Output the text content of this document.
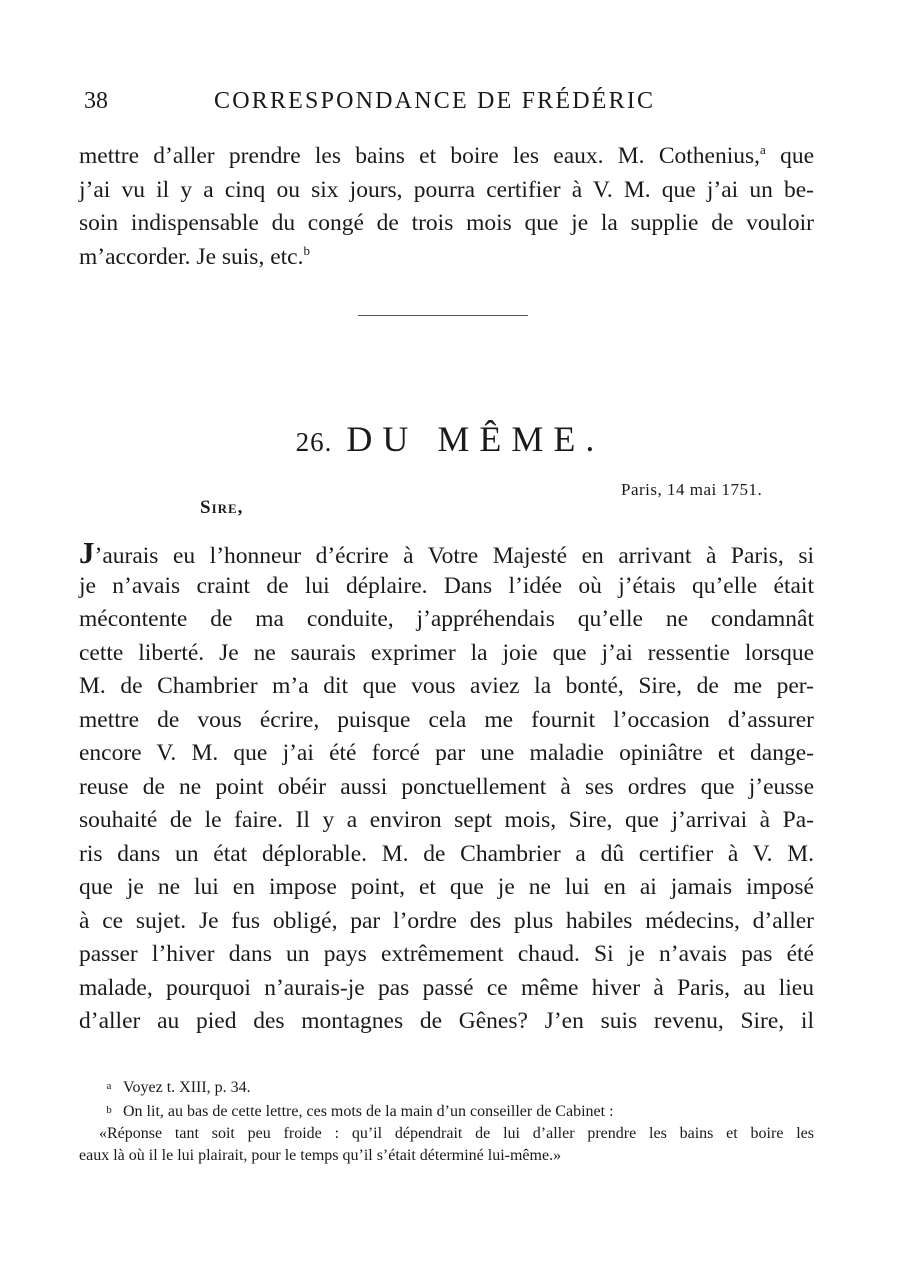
38	CORRESPONDANCE DE FRÉDÉRIC
mettre d’aller prendre les bains et boire les eaux. M. Cothenius,$^a$ que
j’ai vu il y a cinq ou six jours, pourra certifier à V. M. que j’ai un be-
soin indispensable du congé de trois mois que je la supplie de vouloir
m’accorder. Je suis, etc.$^b$
26. DU MÊME.
Paris, 14 mai 1751.
Sire,
J’aurais eu l’honneur d’écrire à Votre Majesté en arrivant à Paris, si
je n’avais craint de lui déplaire. Dans l’idée où j’étais qu’elle était
mécontente de ma conduite, j’appréhendais qu’elle ne condamnât
cette liberté. Je ne saurais exprimer la joie que j’ai ressentie lorsque
M. de Chambrier m’a dit que vous aviez la bonté, Sire, de me per-
mettre de vous écrire, puisque cela me fournit l’occasion d’assurer
encore V. M. que j’ai été forcé par une maladie opiniâtre et dange-
reuse de ne point obéir aussi ponctuellement à ses ordres que j’eusse
souhaité de le faire. Il y a environ sept mois, Sire, que j’arrivai à Pa-
ris dans un état déplorable. M. de Chambrier a dû certifier à V. M.
que je ne lui en impose point, et que je ne lui en ai jamais imposé
à ce sujet. Je fus obligé, par l’ordre des plus habiles médecins, d’aller
passer l’hiver dans un pays extrêmement chaud. Si je n’avais pas été
malade, pourquoi n’aurais-je pas passé ce même hiver à Paris, au lieu
d’aller au pied des montagnes de Gênes? J’en suis revenu, Sire, il
a Voyez t. XIII, p. 34.
b On lit, au bas de cette lettre, ces mots de la main d’un conseiller de Cabinet :
«Réponse tant soit peu froide : qu’il dépendrait de lui d’aller prendre les bains et boire les
eaux là où il le lui plairait, pour le temps qu’il s’était déterminé lui-même.»
